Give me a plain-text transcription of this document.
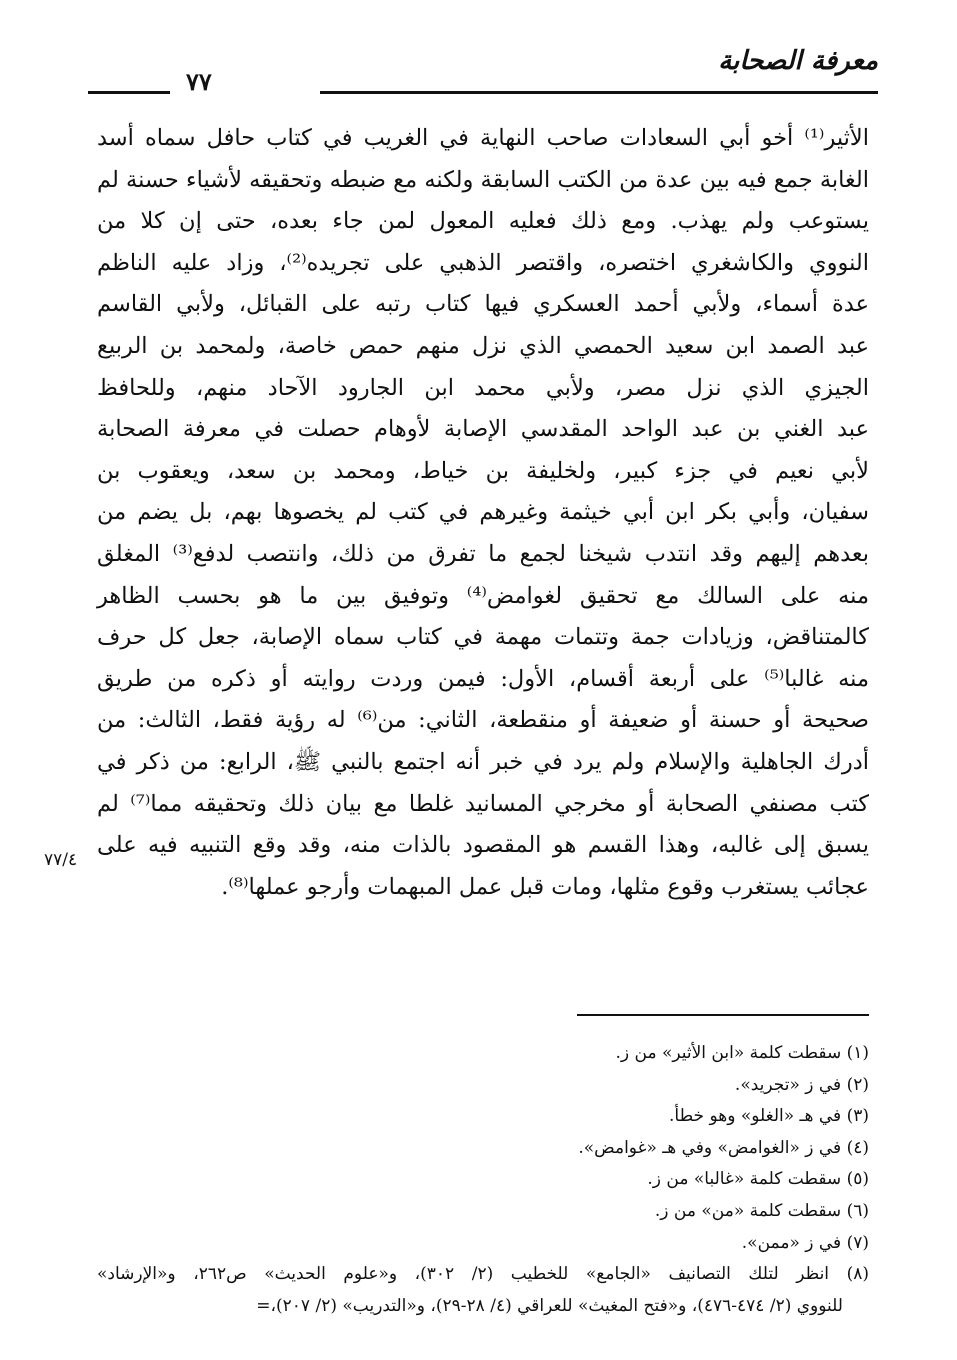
معرفة الصحابة
٧٧
الأثير⁽¹⁾ أخو أبي السعادات صاحب النهاية في الغريب في كتاب حافل سماه أسد
الغابة جمع فيه بين عدة من الكتب السابقة ولكنه مع ضبطه وتحقيقه لأشياء حسنة لم
يستوعب ولم يهذب. ومع ذلك فعليه المعول لمن جاء بعده، حتى إن كلا من
النووي والكاشغري اختصره، واقتصر الذهبي على تجريده⁽²⁾، وزاد عليه الناظم
عدة أسماء، ولأبي أحمد العسكري فيها كتاب رتبه على القبائل، ولأبي القاسم
عبد الصمد ابن سعيد الحمصي الذي نزل منهم حمص خاصة، ولمحمد بن الربيع
الجيزي الذي نزل مصر، ولأبي محمد ابن الجارود الآحاد منهم، وللحافظ
عبد الغني بن عبد الواحد المقدسي الإصابة لأوهام حصلت في معرفة الصحابة
لأبي نعيم في جزء كبير، ولخليفة بن خياط، ومحمد بن سعد، ويعقوب بن
سفيان، وأبي بكر ابن أبي خيثمة وغيرهم في كتب لم يخصوها بهم، بل يضم من
بعدهم إليهم وقد انتدب شيخنا لجمع ما تفرق من ذلك، وانتصب لدفع⁽³⁾ المغلق
منه على السالك مع تحقيق لغوامض⁽⁴⁾ وتوفيق بين ما هو بحسب الظاهر
كالمتناقض، وزيادات جمة وتتمات مهمة في كتاب سماه الإصابة، جعل كل حرف
منه غالبا⁽⁵⁾ على أربعة أقسام، الأول: فيمن وردت روايته أو ذكره من طريق
صحيحة أو حسنة أو ضعيفة أو منقطعة، الثاني: من⁽⁶⁾ له رؤية فقط، الثالث: من
أدرك الجاهلية والإسلام ولم يرد في خبر أنه اجتمع بالنبي ﷺ، الرابع: من ذكر في
كتب مصنفي الصحابة أو مخرجي المسانيد غلطا مع بيان ذلك وتحقيقه مما⁽⁷⁾ لم
يسبق إلى غالبه، وهذا القسم هو المقصود بالذات منه، وقد وقع التنبيه فيه على
عجائب يستغرب وقوع مثلها، ومات قبل عمل المبهمات وأرجو عملها⁽⁸⁾.
٧٧/٤
(١) سقطت كلمة «ابن الأثير» من ز.
(٢) في ز «تجريد».
(٣) في هـ «الغلو» وهو خطأ.
(٤) في ز «الغوامض» وفي هـ «غوامض».
(٥) سقطت كلمة «غالبا» من ز.
(٦) سقطت كلمة «من» من ز.
(٧) في ز «ممن».
(٨) انظر لتلك التصانيف «الجامع» للخطيب (٢/ ٣٠٢)، و«علوم الحديث» ص٢٦٢، و«الإرشاد»
للنووي (٢/ ٤٧٤-٤٧٦)، و«فتح المغيث» للعراقي (٤/ ٢٨-٢٩)، و«التدريب» (٢/ ٢٠٧)،=
